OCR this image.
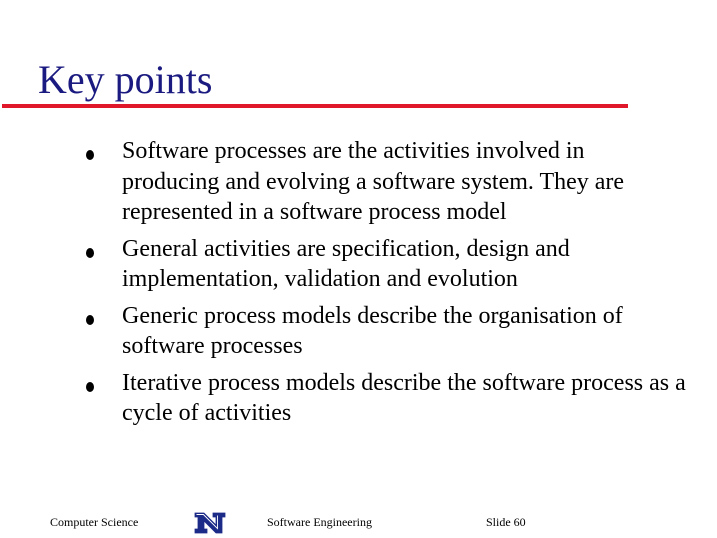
Key points
Software processes are the activities involved in producing and evolving a software system. They are represented in a software process model
General activities are specification, design and implementation, validation and evolution
Generic process models describe the organisation of software processes
Iterative process models describe the software process as a cycle of activities
Computer Science	Software Engineering	Slide 60
